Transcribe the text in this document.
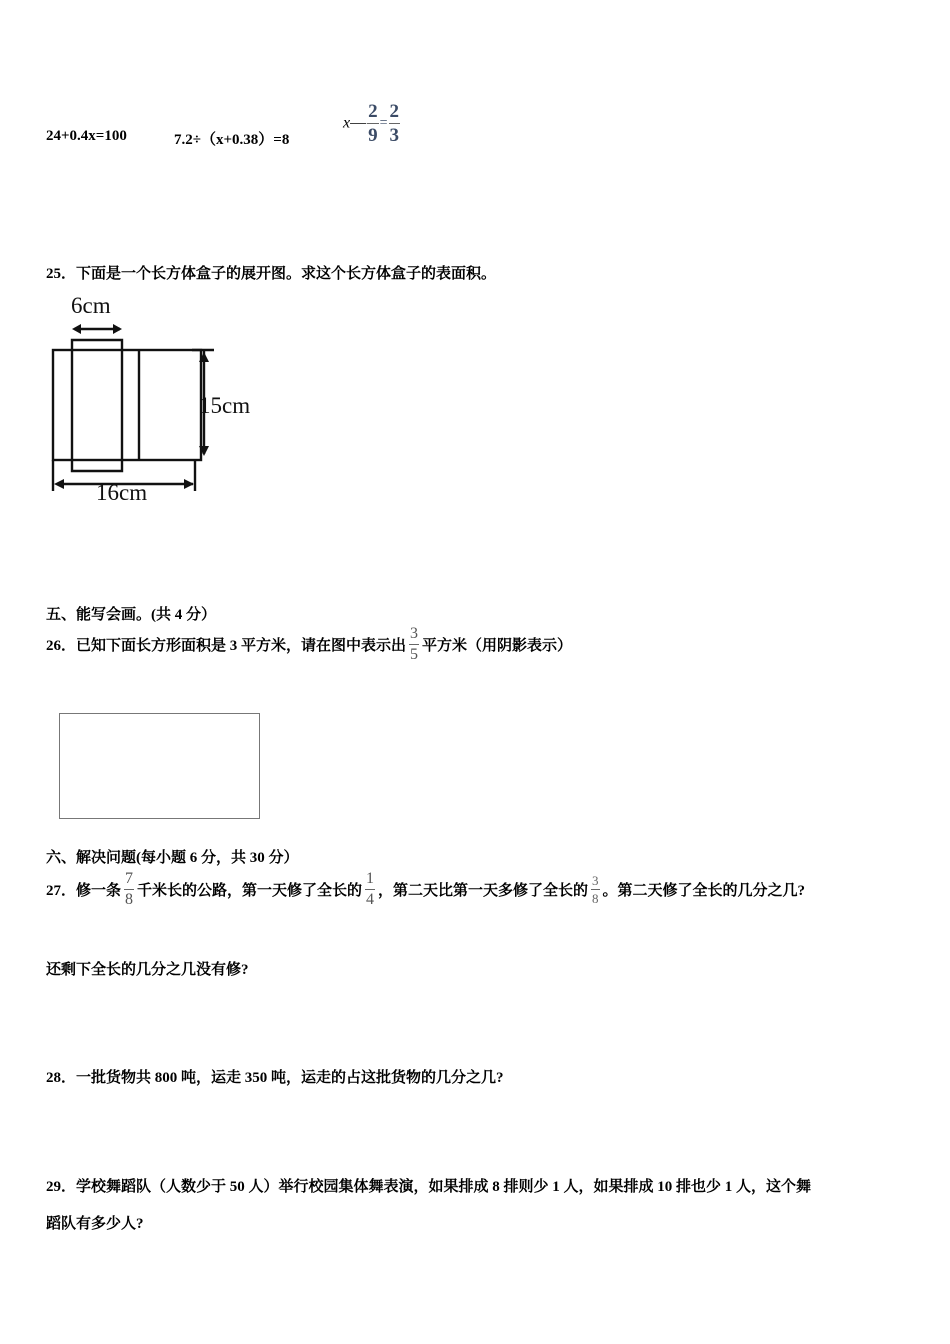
24+0.4x=100	7.2÷（x+0.38）=8
x— $\frac{2}{9} = \frac{2}{3}$
25．下面是一个长方体盒子的展开图。求这个长方体盒子的表面积。
6cm
15cm
16cm
五、能写会画。(共 4 分）
26．已知下面长方形面积是 3 平方米，请在图中表示出 $\frac{3}{5}$ 平方米（用阴影表示）
六、解决问题(每小题 6 分，共 30 分）
27．修一条 $\frac{7}{8}$ 千米长的公路，第一天修了全长的 $\frac{1}{4}$ ，第二天比第一天多修了全长的 $\frac{3}{8}$ 。第二天修了全长的几分之几?
还剩下全长的几分之几没有修?
28．一批货物共 800 吨，运走 350 吨，运走的占这批货物的几分之几?
29．学校舞蹈队（人数少于 50 人）举行校园集体舞表演，如果排成 8 排则少 1 人，如果排成 10 排也少 1 人，这个舞
蹈队有多少人?
